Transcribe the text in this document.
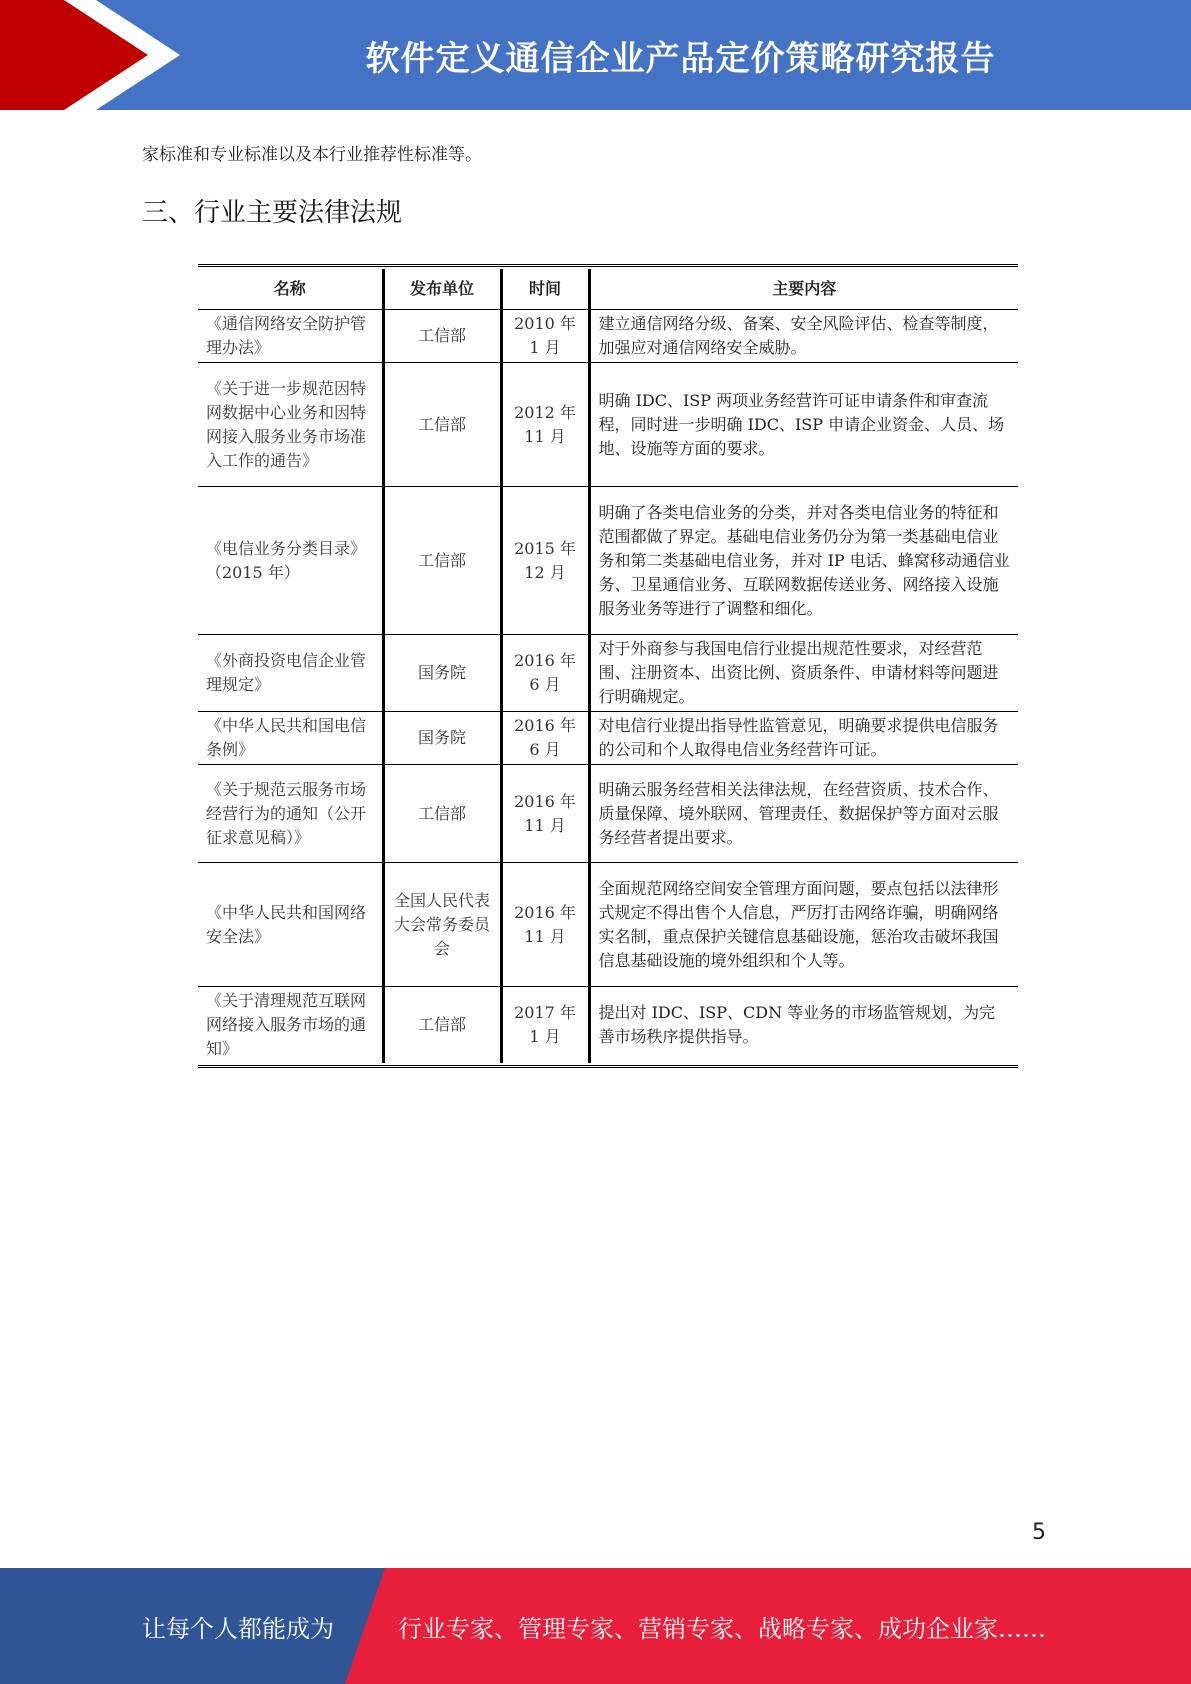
软件定义通信企业产品定价策略研究报告
家标准和专业标准以及本行业推荐性标准等。
三、行业主要法律法规
名称	发布单位	时间	主要内容
《通信网络安全防护管理办法》	工信部	2010 年 1 月	建立通信网络分级、备案、安全风险评估、检查等制度，加强应对通信网络安全威胁。
《关于进一步规范因特网数据中心业务和因特网接入服务业务市场准入工作的通告》	工信部	2012 年 11 月	明确 IDC、ISP 两项业务经营许可证申请条件和审查流程，同时进一步明确 IDC、ISP 申请企业资金、人员、场地、设施等方面的要求。
《电信业务分类目录》（2015 年）	工信部	2015 年 12 月	明确了各类电信业务的分类，并对各类电信业务的特征和范围都做了界定。基础电信业务仍分为第一类基础电信业务和第二类基础电信业务，并对 IP 电话、蜂窝移动通信业务、卫星通信业务、互联网数据传送业务、网络接入设施服务业务等进行了调整和细化。
《外商投资电信企业管理规定》	国务院	2016 年 6 月	对于外商参与我国电信行业提出规范性要求，对经营范围、注册资本、出资比例、资质条件、申请材料等问题进行明确规定。
《中华人民共和国电信条例》	国务院	2016 年 6 月	对电信行业提出指导性监管意见，明确要求提供电信服务的公司和个人取得电信业务经营许可证。
《关于规范云服务市场经营行为的通知（公开征求意见稿）》	工信部	2016 年 11 月	明确云服务经营相关法律法规，在经营资质、技术合作、质量保障、境外联网、管理责任、数据保护等方面对云服务经营者提出要求。
《中华人民共和国网络安全法》	全国人民代表大会常务委员会	2016 年 11 月	全面规范网络空间安全管理方面问题，要点包括以法律形式规定不得出售个人信息，严厉打击网络诈骗，明确网络实名制，重点保护关键信息基础设施，惩治攻击破坏我国信息基础设施的境外组织和个人等。
《关于清理规范互联网网络接入服务市场的通知》	工信部	2017 年 1 月	提出对 IDC、ISP、CDN 等业务的市场监管规划，为完善市场秩序提供指导。
5
让每个人都能成为	行业专家、管理专家、营销专家、战略专家、成功企业家……
